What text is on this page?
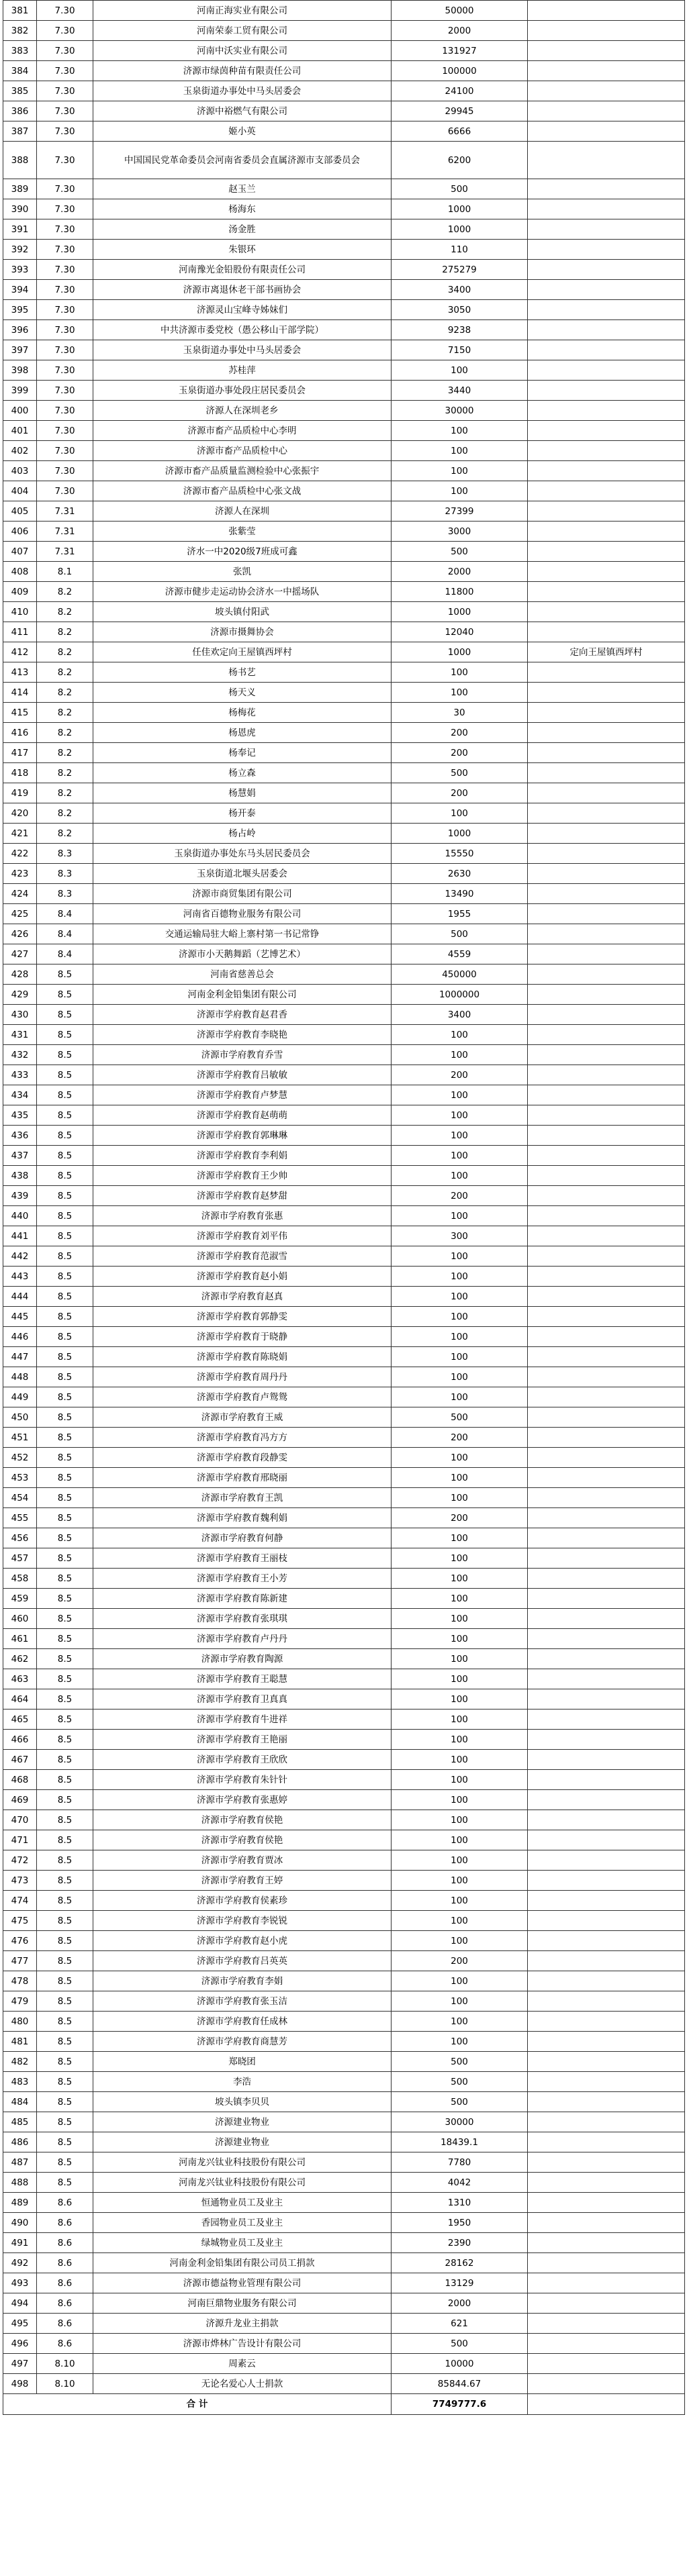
381	7.30	河南正海实业有限公司	50000	
382	7.30	河南荣泰工贸有限公司	2000	
383	7.30	河南中沃实业有限公司	131927	
384	7.30	济源市绿茵种苗有限责任公司	100000	
385	7.30	玉泉街道办事处中马头居委会	24100	
386	7.30	济源中裕燃气有限公司	29945	
387	7.30	姬小英	6666	
388	7.30	中国国民党革命委员会河南省委员会直属济源市支部委员会	6200	
389	7.30	赵玉兰	500	
390	7.30	杨海东	1000	
391	7.30	汤金胜	1000	
392	7.30	朱银环	110	
393	7.30	河南豫光金铅股份有限责任公司	275279	
394	7.30	济源市离退休老干部书画协会	3400	
395	7.30	济源灵山宝峰寺姊妹们	3050	
396	7.30	中共济源市委党校（愚公移山干部学院）	9238	
397	7.30	玉泉街道办事处中马头居委会	7150	
398	7.30	苏桂萍	100	
399	7.30	玉泉街道办事处段庄居民委员会	3440	
400	7.30	济源人在深圳老乡	30000	
401	7.30	济源市畜产品质检中心李明	100	
402	7.30	济源市畜产品质检中心	100	
403	7.30	济源市畜产品质量监测检验中心张振宇	100	
404	7.30	济源市畜产品质检中心张文战	100	
405	7.31	济源人在深圳	27399	
406	7.31	张紫莹	3000	
407	7.31	济水一中2020级7班成可鑫	500	
408	8.1	张凯	2000	
409	8.2	济源市健步走运动协会济水一中摇场队	11800	
410	8.2	坡头镇付阳武	1000	
411	8.2	济源市摄舞协会	12040	
412	8.2	任佳欢定向王屋镇西坪村	1000	定向王屋镇西坪村
413	8.2	杨书艺	100	
414	8.2	杨天义	100	
415	8.2	杨梅花	30	
416	8.2	杨恩虎	200	
417	8.2	杨奉记	200	
418	8.2	杨立森	500	
419	8.2	杨慧娟	200	
420	8.2	杨开泰	100	
421	8.2	杨占岭	1000	
422	8.3	玉泉街道办事处东马头居民委员会	15550	
423	8.3	玉泉街道北堰头居委会	2630	
424	8.3	济源市商贸集团有限公司	13490	
425	8.4	河南省百德物业服务有限公司	1955	
426	8.4	交通运输局驻大峪上寨村第一书记常铮	500	
427	8.4	济源市小天鹅舞蹈（艺博艺术）	4559	
428	8.5	河南省慈善总会	450000	
429	8.5	河南金利金铅集团有限公司	1000000	
430	8.5	济源市学府教育赵君香	3400	
431	8.5	济源市学府教育李晓艳	100	
432	8.5	济源市学府教育乔雪	100	
433	8.5	济源市学府教育吕敏敏	200	
434	8.5	济源市学府教育卢梦慧	100	
435	8.5	济源市学府教育赵萌萌	100	
436	8.5	济源市学府教育郭琳琳	100	
437	8.5	济源市学府教育李利娟	100	
438	8.5	济源市学府教育王少帅	100	
439	8.5	济源市学府教育赵梦甜	200	
440	8.5	济源市学府教育张惠	100	
441	8.5	济源市学府教育刘平伟	300	
442	8.5	济源市学府教育范淑雪	100	
443	8.5	济源市学府教育赵小娟	100	
444	8.5	济源市学府教育赵真	100	
445	8.5	济源市学府教育郭静雯	100	
446	8.5	济源市学府教育于晓静	100	
447	8.5	济源市学府教育陈晓娟	100	
448	8.5	济源市学府教育周丹丹	100	
449	8.5	济源市学府教育卢鸳鸳	100	
450	8.5	济源市学府教育王威	500	
451	8.5	济源市学府教育冯方方	200	
452	8.5	济源市学府教育段静雯	100	
453	8.5	济源市学府教育邢晓丽	100	
454	8.5	济源市学府教育王凯	100	
455	8.5	济源市学府教育魏利娟	200	
456	8.5	济源市学府教育何静	100	
457	8.5	济源市学府教育王丽枝	100	
458	8.5	济源市学府教育王小芳	100	
459	8.5	济源市学府教育陈新建	100	
460	8.5	济源市学府教育张琪琪	100	
461	8.5	济源市学府教育卢丹丹	100	
462	8.5	济源市学府教育陶源	100	
463	8.5	济源市学府教育王聪慧	100	
464	8.5	济源市学府教育卫真真	100	
465	8.5	济源市学府教育牛进祥	100	
466	8.5	济源市学府教育王艳丽	100	
467	8.5	济源市学府教育王欣欣	100	
468	8.5	济源市学府教育朱针针	100	
469	8.5	济源市学府教育张惠婷	100	
470	8.5	济源市学府教育侯艳	100	
471	8.5	济源市学府教育侯艳	100	
472	8.5	济源市学府教育贾冰	100	
473	8.5	济源市学府教育王婷	100	
474	8.5	济源市学府教育侯素珍	100	
475	8.5	济源市学府教育李锐锐	100	
476	8.5	济源市学府教育赵小虎	100	
477	8.5	济源市学府教育吕英英	200	
478	8.5	济源市学府教育李娟	100	
479	8.5	济源市学府教育张玉洁	100	
480	8.5	济源市学府教育任成林	100	
481	8.5	济源市学府教育商慧芳	100	
482	8.5	郑晓团	500	
483	8.5	李浩	500	
484	8.5	坡头镇李贝贝	500	
485	8.5	济源建业物业	30000	
486	8.5	济源建业物业	18439.1	
487	8.5	河南龙兴钛业科技股份有限公司	7780	
488	8.5	河南龙兴钛业科技股份有限公司	4042	
489	8.6	恒通物业员工及业主	1310	
490	8.6	香园物业员工及业主	1950	
491	8.6	绿城物业员工及业主	2390	
492	8.6	河南金利金铅集团有限公司员工捐款	28162	
493	8.6	济源市德益物业管理有限公司	13129	
494	8.6	河南巨鼎物业服务有限公司	2000	
495	8.6	济源升龙业主捐款	621	
496	8.6	济源市烨林广告设计有限公司	500	
497	8.10	周素云	10000	
498	8.10	无论名爱心人士捐款	85844.67	
合 计			7749777.6	
